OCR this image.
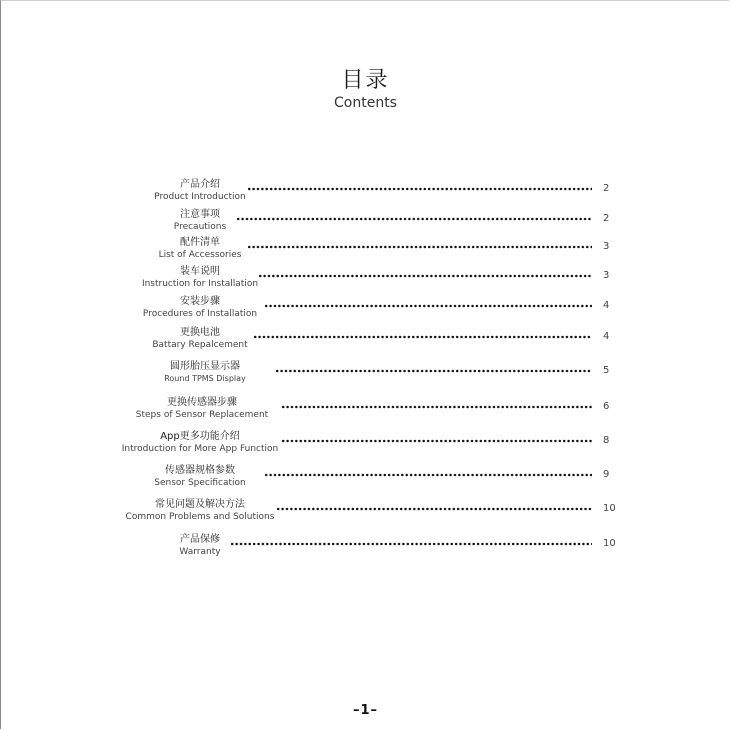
目录
Contents
产品介绍
Product Introduction
2
注意事项
Precautions
2
配件清单
List of Accessories
3
装车说明
Instruction for Installation
3
安装步骤
Procedures of Installation
4
更换电池
Battary Repalcement
4
圆形胎压显示器
Round TPMS Display
5
更换传感器步骤
Steps of Sensor Replacement
6
App更多功能介绍
Introduction for More App Function
8
传感器规格参数
Sensor Specification
9
常见问题及解决方法
Common Problems and Solutions
10
产品保修
Warranty
10
–1–
